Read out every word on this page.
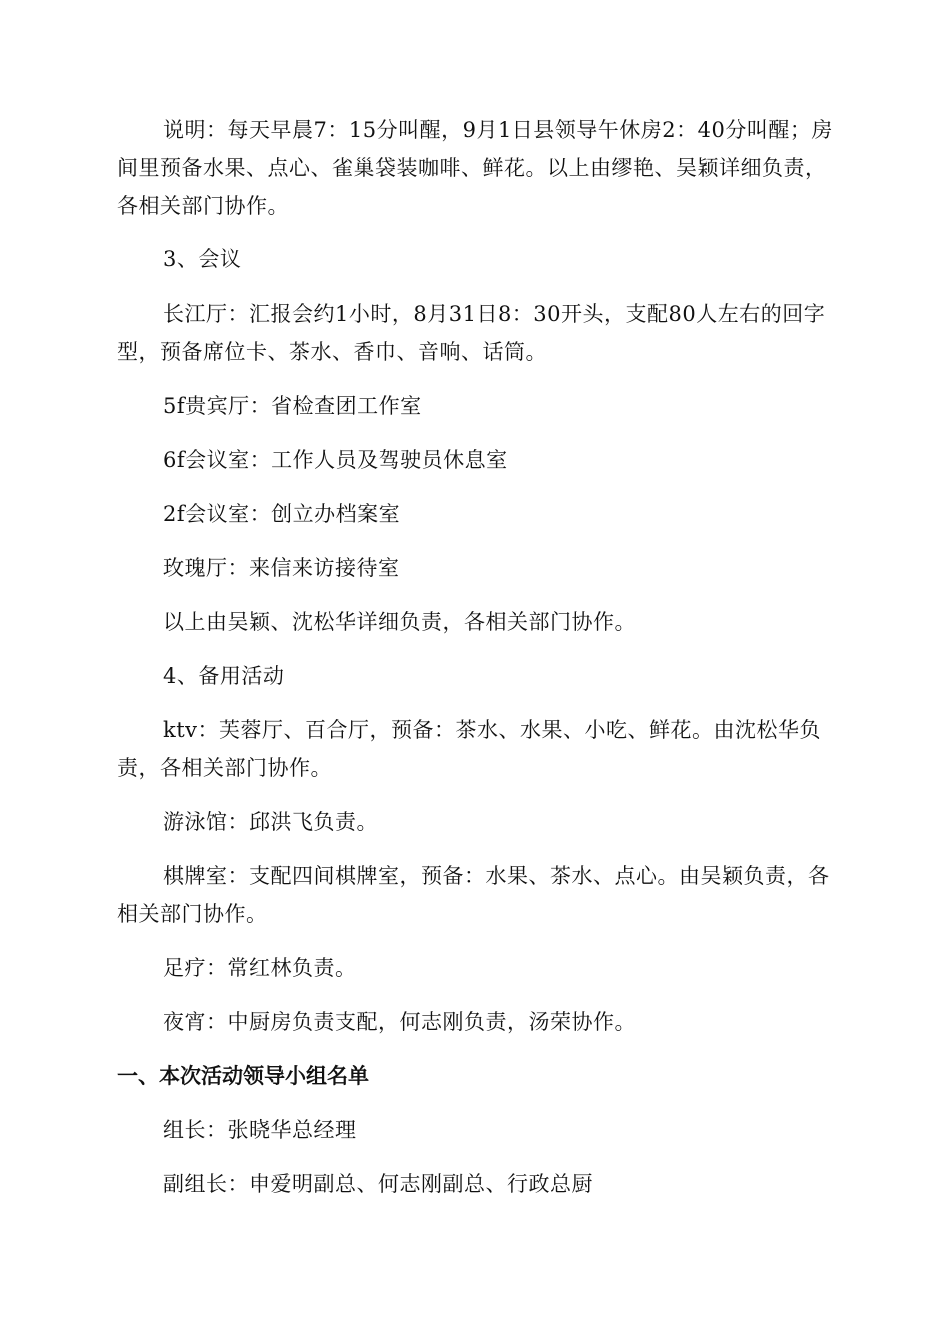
说明：每天早晨7：15分叫醒，9月1日县领导午休房2：40分叫醒；房间里预备水果、点心、雀巢袋装咖啡、鲜花。以上由缪艳、吴颖详细负责，各相关部门协作。

3、会议

长江厅：汇报会约1小时，8月31日8：30开头，支配80人左右的回字型，预备席位卡、茶水、香巾、音响、话筒。

5f贵宾厅：省检查团工作室

6f会议室：工作人员及驾驶员休息室

2f会议室：创立办档案室

玫瑰厅：来信来访接待室

以上由吴颖、沈松华详细负责，各相关部门协作。

4、备用活动

ktv：芙蓉厅、百合厅，预备：茶水、水果、小吃、鲜花。由沈松华负责，各相关部门协作。

游泳馆：邱洪飞负责。

棋牌室：支配四间棋牌室，预备：水果、茶水、点心。由吴颖负责，各相关部门协作。

足疗：常红林负责。

夜宵：中厨房负责支配，何志刚负责，汤荣协作。

一、本次活动领导小组名单

组长：张晓华总经理

副组长：申爱明副总、何志刚副总、行政总厨
